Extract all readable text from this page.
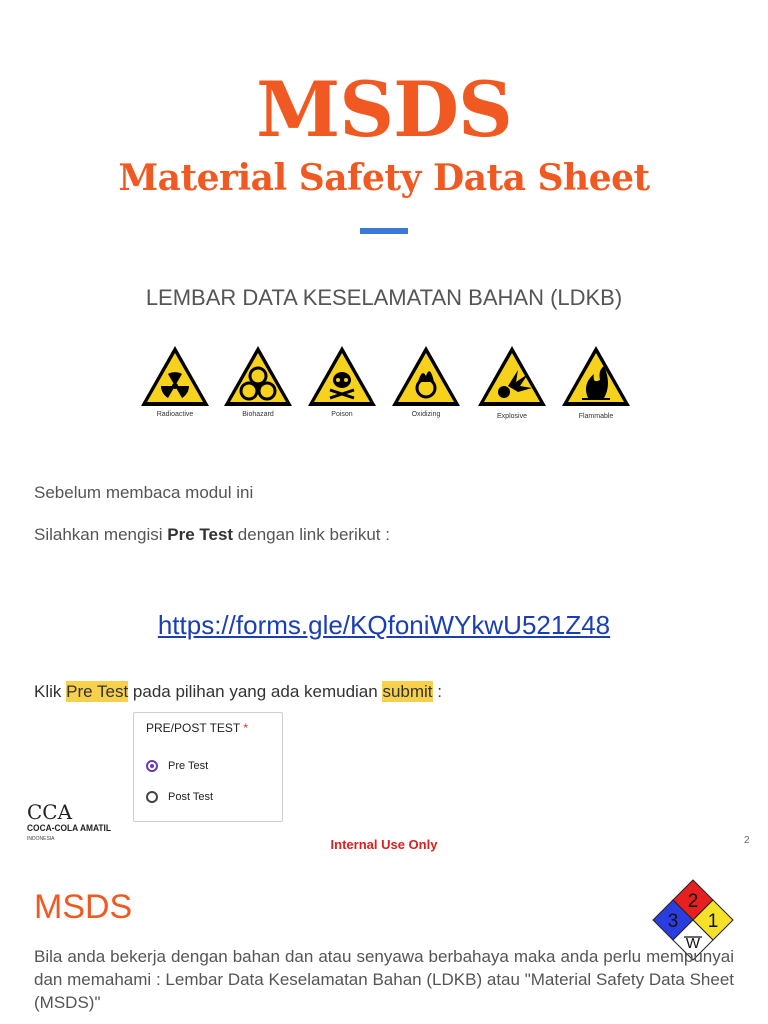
MSDS
Material Safety Data Sheet
LEMBAR DATA KESELAMATAN BAHAN (LDKB)
Radioactive	Biohazard	Poison	Oxidizing	Explosive	Flammable
Sebelum membaca modul ini
Silahkan mengisi Pre Test dengan link berikut :
https://forms.gle/KQfoniWYkwU521Z48
Klik Pre Test pada pilihan yang ada kemudian submit :
PRE/POST TEST *
Pre Test
Post Test
CCA
COCA-COLA AMATIL
INDONESIA	Internal Use Only	2
MSDS	2
3 1
W
Bila anda bekerja dengan bahan dan atau senyawa berbahaya maka anda perlu mempunyai dan memahami : Lembar Data Keselamatan Bahan (LDKB) atau "Material Safety Data Sheet (MSDS)"
